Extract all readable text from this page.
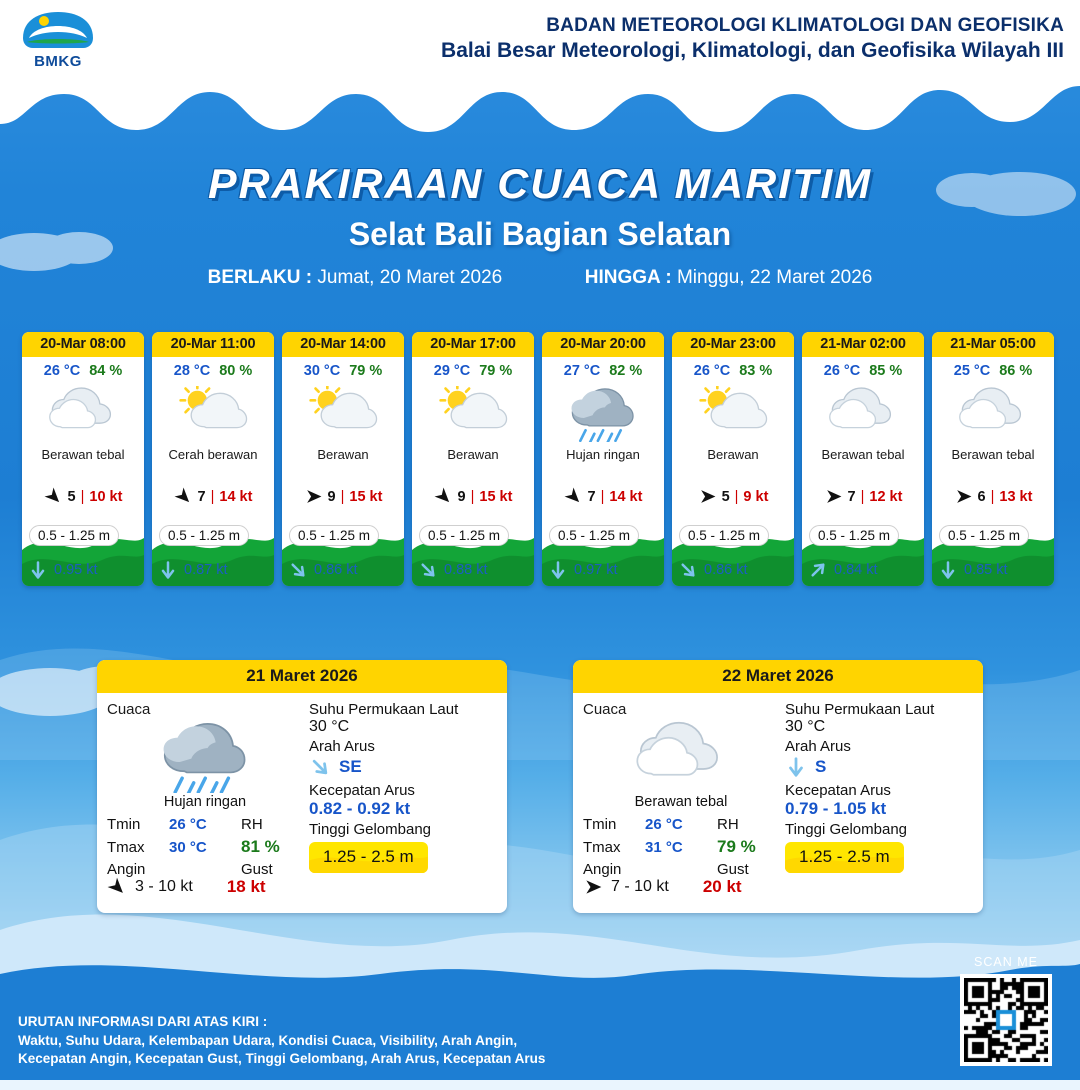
BMKG
BADAN METEOROLOGI KLIMATOLOGI DAN GEOFISIKA
Balai Besar Meteorologi, Klimatologi, dan Geofisika Wilayah III
PRAKIRAAN CUACA MARITIM
Selat Bali Bagian Selatan
BERLAKU : Jumat, 20 Maret 2026	HINGGA : Minggu, 22 Maret 2026
20-Mar 08:00
26 °C 84 %
Berawan tebal
5 | 10 kt
0.5 - 1.25 m
0.95 kt
20-Mar 11:00
28 °C 80 %
Cerah berawan
7 | 14 kt
0.5 - 1.25 m
0.87 kt
20-Mar 14:00
30 °C 79 %
Berawan
9 | 15 kt
0.5 - 1.25 m
0.86 kt
20-Mar 17:00
29 °C 79 %
Berawan
9 | 15 kt
0.5 - 1.25 m
0.88 kt
20-Mar 20:00
27 °C 82 %
Hujan ringan
7 | 14 kt
0.5 - 1.25 m
0.97 kt
20-Mar 23:00
26 °C 83 %
Berawan
5 | 9 kt
0.5 - 1.25 m
0.86 kt
21-Mar 02:00
26 °C 85 %
Berawan tebal
7 | 12 kt
0.5 - 1.25 m
0.84 kt
21-Mar 05:00
25 °C 86 %
Berawan tebal
6 | 13 kt
0.5 - 1.25 m
0.85 kt
21 Maret 2026
Cuaca
Hujan ringan
Tmin	26 °C	RH
Tmax	30 °C	81 %
Angin	Gust
3 - 10 kt 18 kt
Suhu Permukaan Laut
30 °C
Arah Arus
SE
Kecepatan Arus
0.82 - 0.92 kt
Tinggi Gelombang
1.25 - 2.5 m
22 Maret 2026
Cuaca
Berawan tebal
Tmin	26 °C	RH
Tmax	31 °C	79 %
Angin	Gust
7 - 10 kt 20 kt
Suhu Permukaan Laut
30 °C
Arah Arus
S
Kecepatan Arus
0.79 - 1.05 kt
Tinggi Gelombang
1.25 - 2.5 m
URUTAN INFORMASI DARI ATAS KIRI :
Waktu, Suhu Udara, Kelembapan Udara, Kondisi Cuaca, Visibility, Arah Angin,
Kecepatan Angin, Kecepatan Gust, Tinggi Gelombang, Arah Arus, Kecepatan Arus
SCAN ME
